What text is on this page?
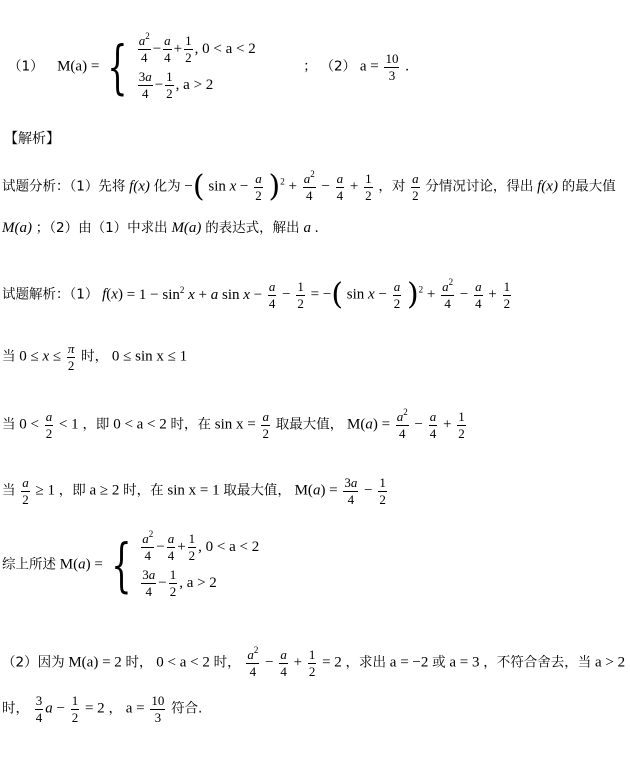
（1） M(a) = { $\frac{a^2}{4} - \frac{a}{4} + \frac{1}{2}$ , 0 < a < 2
$\frac{3a}{4} - \frac{1}{2}$ , a > 2
； （2） $a = \frac{10}{3}$ .
【解析】
试题分析：（1）先将 f(x) 化为 −( $\sin x - \frac{a}{2} )^2 + \frac{a^2}{4} - \frac{a}{4} + \frac{1}{2}$ ，对 $\frac{a}{2}$ 分情况讨论，得出 f(x) 的最大值
M(a) ；（2）由（1）中求出 M(a) 的表达式，解出 a .
试题解析：（1） $f(x) = 1 - \sin^2 x + a$ $\sin x - \frac{a}{4} - \frac{1}{2}$ = −( $\sin x - \frac{a}{2} )^2 + \frac{a^2}{4} - \frac{a}{4} + \frac{1}{2}$
当 $0 \le x \le \frac{\pi}{2}$ 时， 0 ≤ sin x ≤ 1
当 $0 < \frac{a}{2} < 1$ ，即 0 < a < 2 时，在 $\sin x = \frac{a}{2}$ 取最大值， $M(a) = \frac{a^2}{4} - \frac{a}{4} + \frac{1}{2}$
当 $\frac{a}{2} \ge 1$ ，即 a ≥ 2 时，在 sin x = 1 取最大值， $M(a) = \frac{3a}{4} - \frac{1}{2}$
综上所述 M(a) = { $\frac{a^2}{4} - \frac{a}{4} + \frac{1}{2}$ , 0 < a < 2
$\frac{3a}{4} - \frac{1}{2}$ , a > 2
（2）因为 M(a) = 2 时， 0 < a < 2 时， $\frac{a^2}{4} - \frac{a}{4} + \frac{1}{2} = 2$ ，求出 a = −2 或 a = 3 ，不符合舍去，当 a > 2
时， $\frac{3}{4}$ $a - \frac{1}{2} = 2$ ， $a = \frac{10}{3}$ 符合.
